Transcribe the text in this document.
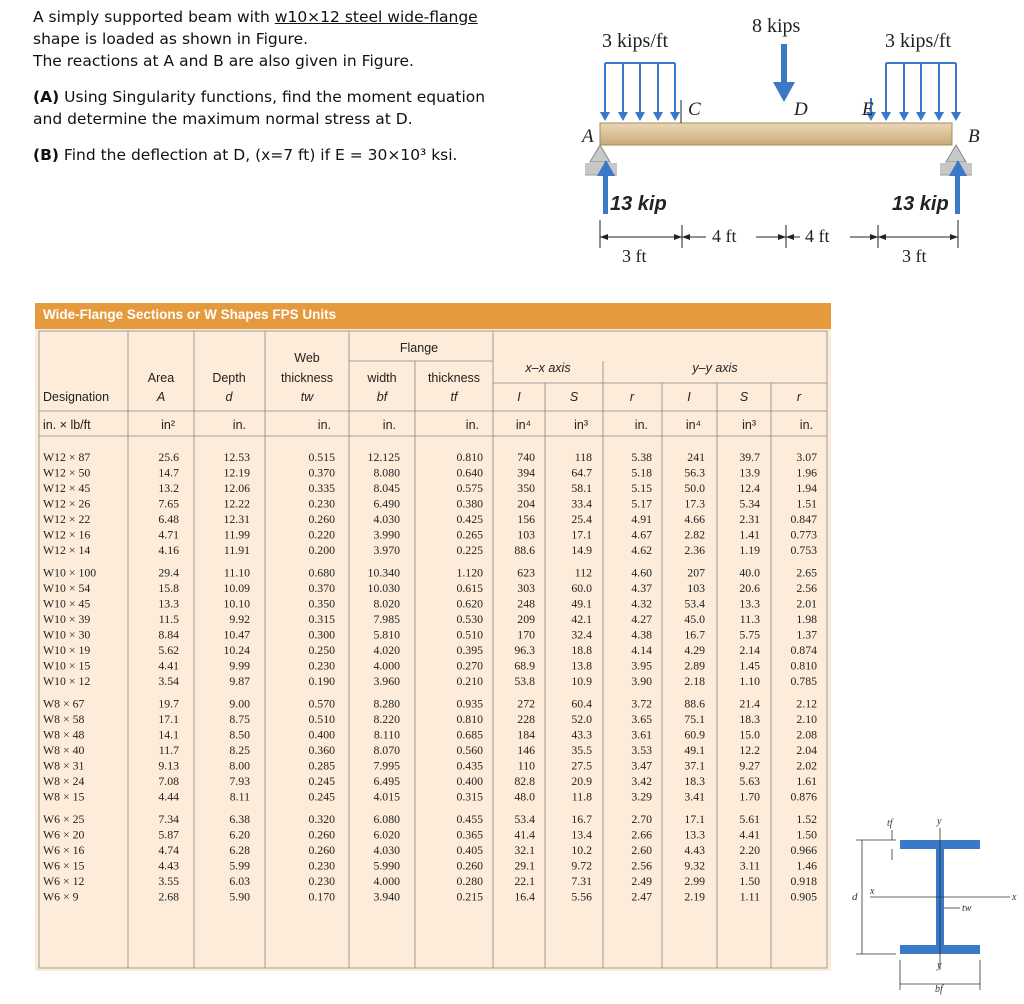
A simply supported beam with w10×12 steel wide-flange

shape is loaded as shown in Figure.

The reactions at A and B are also given in Figure.

(A) Using Singularity functions, find the moment equation

and determine the maximum normal stress at D.

(B) Find the deflection at D, (x=7 ft) if E = 30×10³ ksi.

3 kips/ft
8 kips
3 kips/ft
A	B
C	D	E
13 kip	13 kip
3 ft
4 ft	4 ft
3 ft
Wide-Flange Sections or W Shapes FPS Units
Web
Flange
Area	Depth	thickness	width	thickness
x–x axis	y–y axis
Designation	A	d	tw	bf	tf	I	S	r	I	S	r
in. × lb/ft	in²	in.	in.	in.	in.	in⁴	in³	in.	in⁴	in³	in.
W12 × 87	25.6	12.53	0.515	12.125	0.810	740	118	5.38	241	39.7	3.07
W12 × 50	14.7	12.19	0.370	8.080	0.640	394	64.7	5.18	56.3	13.9	1.96
W12 × 45	13.2	12.06	0.335	8.045	0.575	350	58.1	5.15	50.0	12.4	1.94
W12 × 26	7.65	12.22	0.230	6.490	0.380	204	33.4	5.17	17.3	5.34	1.51
W12 × 22	6.48	12.31	0.260	4.030	0.425	156	25.4	4.91	4.66	2.31	0.847
W12 × 16	4.71	11.99	0.220	3.990	0.265	103	17.1	4.67	2.82	1.41	0.773
W12 × 14	4.16	11.91	0.200	3.970	0.225	88.6	14.9	4.62	2.36	1.19	0.753
W10 × 100	29.4	11.10	0.680	10.340	1.120	623	112	4.60	207	40.0	2.65
W10 × 54	15.8	10.09	0.370	10.030	0.615	303	60.0	4.37	103	20.6	2.56
W10 × 45	13.3	10.10	0.350	8.020	0.620	248	49.1	4.32	53.4	13.3	2.01
W10 × 39	11.5	9.92	0.315	7.985	0.530	209	42.1	4.27	45.0	11.3	1.98
W10 × 30	8.84	10.47	0.300	5.810	0.510	170	32.4	4.38	16.7	5.75	1.37
W10 × 19	5.62	10.24	0.250	4.020	0.395	96.3	18.8	4.14	4.29	2.14	0.874
W10 × 15	4.41	9.99	0.230	4.000	0.270	68.9	13.8	3.95	2.89	1.45	0.810
W10 × 12	3.54	9.87	0.190	3.960	0.210	53.8	10.9	3.90	2.18	1.10	0.785
W8 × 67	19.7	9.00	0.570	8.280	0.935	272	60.4	3.72	88.6	21.4	2.12
W8 × 58	17.1	8.75	0.510	8.220	0.810	228	52.0	3.65	75.1	18.3	2.10
W8 × 48	14.1	8.50	0.400	8.110	0.685	184	43.3	3.61	60.9	15.0	2.08
W8 × 40	11.7	8.25	0.360	8.070	0.560	146	35.5	3.53	49.1	12.2	2.04
W8 × 31	9.13	8.00	0.285	7.995	0.435	110	27.5	3.47	37.1	9.27	2.02
W8 × 24	7.08	7.93	0.245	6.495	0.400	82.8	20.9	3.42	18.3	5.63	1.61
W8 × 15	4.44	8.11	0.245	4.015	0.315	48.0	11.8	3.29	3.41	1.70	0.876
W6 × 25	7.34	6.38	0.320	6.080	0.455	53.4	16.7	2.70	17.1	5.61	1.52
W6 × 20	5.87	6.20	0.260	6.020	0.365	41.4	13.4	2.66	13.3	4.41	1.50
W6 × 16	4.74	6.28	0.260	4.030	0.405	32.1	10.2	2.60	4.43	2.20	0.966
W6 × 15	4.43	5.99	0.230	5.990	0.260	29.1	9.72	2.56	9.32	3.11	1.46
W6 × 12	3.55	6.03	0.230	4.000	0.280	22.1	7.31	2.49	2.99	1.50	0.918
W6 × 9	2.68	5.90	0.170	3.940	0.215	16.4	5.56	2.47	2.19	1.11	0.905
tf	y
d x
x
tw
y
bf
